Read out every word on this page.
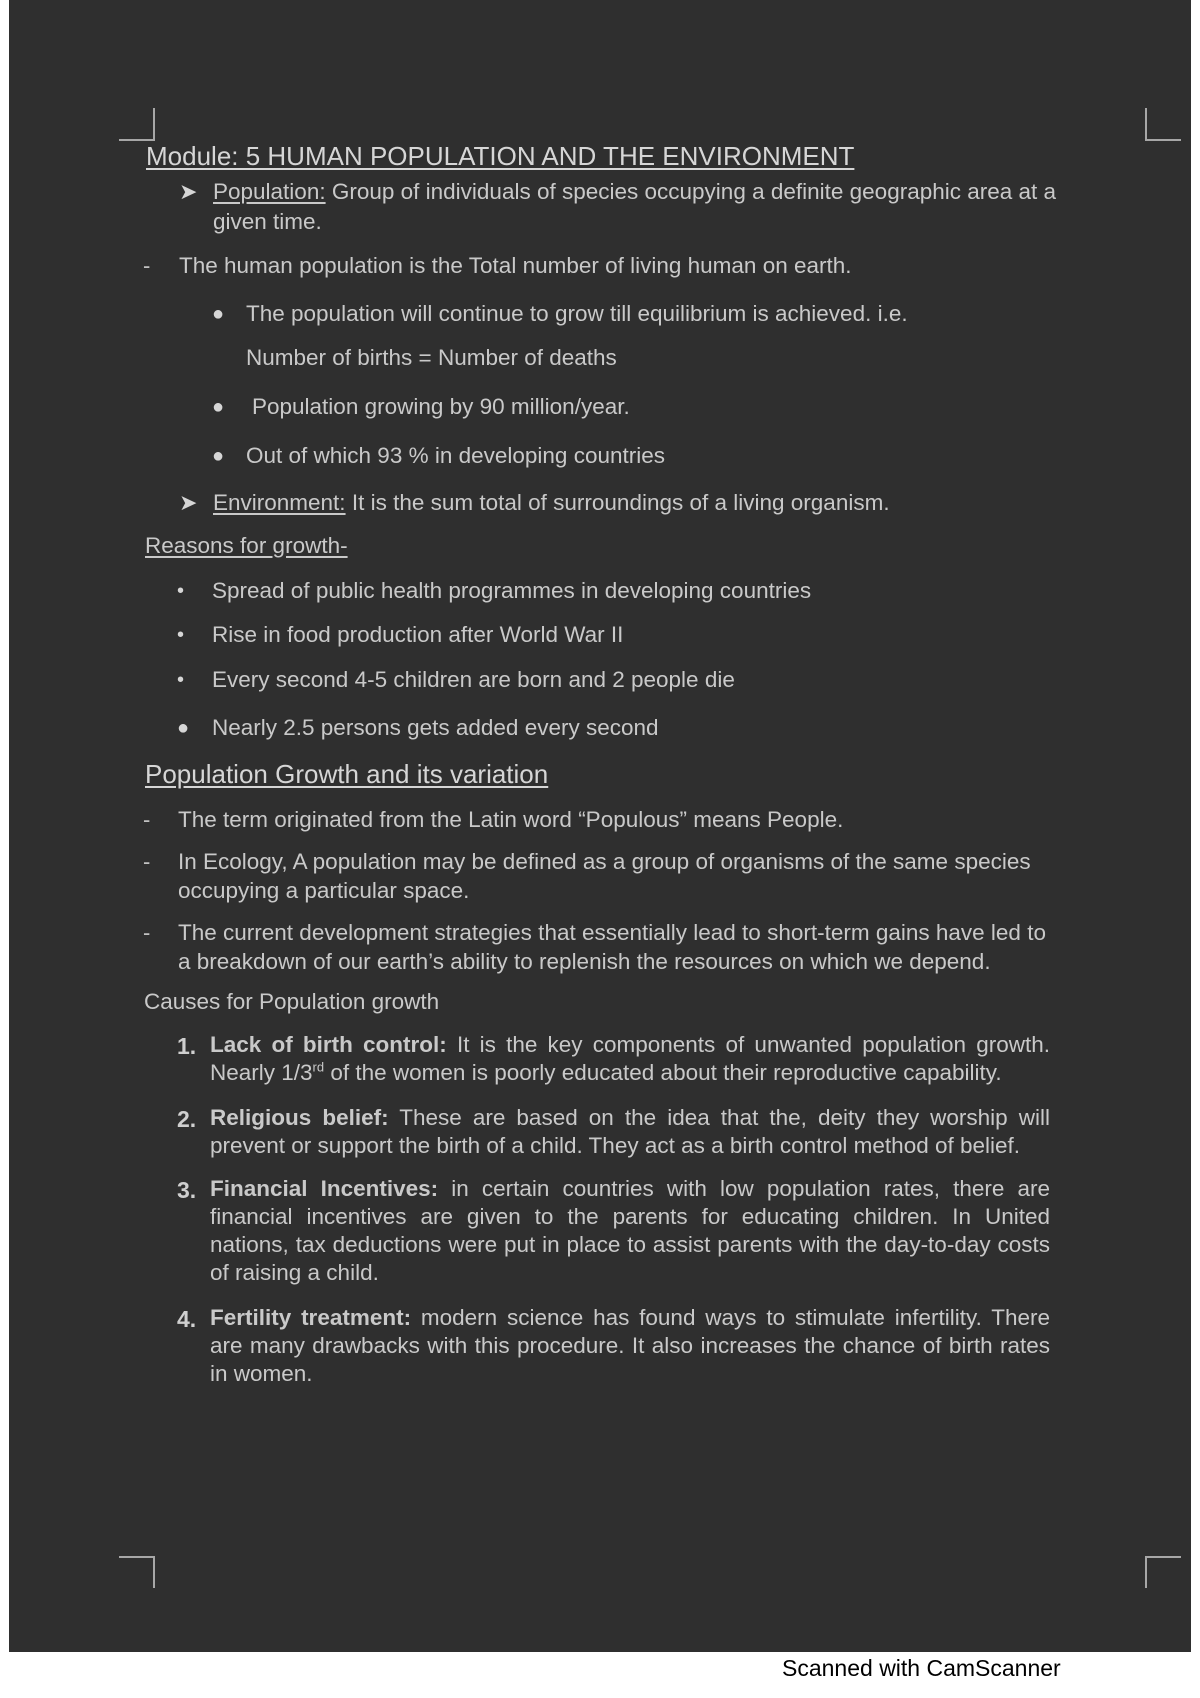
Module: 5 HUMAN POPULATION AND THE ENVIRONMENT
➤ Population: Group of individuals of species occupying a definite geographic area at a given time.
- The human population is the Total number of living human on earth.
● The population will continue to grow till equilibrium is achieved. i.e.
Number of births = Number of deaths
● Population growing by 90 million/year.
● Out of which 93 % in developing countries
➤ Environment: It is the sum total of surroundings of a living organism.
Reasons for growth-
• Spread of public health programmes in developing countries
• Rise in food production after World War II
• Every second 4-5 children are born and 2 people die
● Nearly 2.5 persons gets added every second
Population Growth and its variation
- The term originated from the Latin word “Populous” means People.
- In Ecology, A population may be defined as a group of organisms of the same species occupying a particular space.
- The current development strategies that essentially lead to short-term gains have led to a breakdown of our earth’s ability to replenish the resources on which we depend.
Causes for Population growth
1. Lack of birth control: It is the key components of unwanted population growth. Nearly 1/3rd of the women is poorly educated about their reproductive capability.
2. Religious belief: These are based on the idea that the, deity they worship will prevent or support the birth of a child. They act as a birth control method of belief.
3. Financial Incentives: in certain countries with low population rates, there are financial incentives are given to the parents for educating children. In United nations, tax deductions were put in place to assist parents with the day-to-day costs of raising a child.
4. Fertility treatment: modern science has found ways to stimulate infertility. There are many drawbacks with this procedure. It also increases the chance of birth rates in women.
Scanned with CamScanner
